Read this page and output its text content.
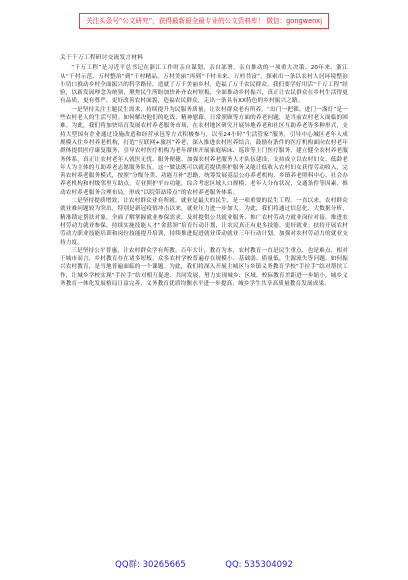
关注头条号“公文研究”，获得最新最全最专业的公文资料库！ 微信：gongwenxj
关于千万工程研讨交流发言材料

“千万工程”是习近平总书记在浙江工作时亲自谋划、亲自部署、亲自推动的一项重大决策。20年来，浙江从“千村示范、万村整治”到“千村精品、万村美丽”再到“千村未来、万村共富”，探索出一条以农村人居环境整治小切口推动乡村全面振兴的科学路径，造就了万千美丽乡村，造福了万千农民群众。我们要学好用活“千万工程”经验，以新发展理念为统领，聚焦民生所盼加快补齐农村短板，全面推动乡村振兴，真正让农民群众在乡村生活得更有品质、更有尊严，更好改善农村面貌，造福农民群众，走出一条具有XX特色的乡村振兴之路。

一是坚持关注主题民生需求，持续提升为民服务质量，让农村群众老有所养。“出门一把锁、进门一盏灯”是一些农村老人的生活写照。如何解决他们的吃饭、精神慰藉、日常照顾等方面的养老问题，是当前农村老人面临的困难。为此，我们将加快培育发展农村养老服务市场，在农村地区研究开展异地养老和社区互助养老等多种形式，支持大型国有企业通过设施改造和经营承包等方式积极参与，以至24小时“生活管家”服务，引导中心城区老年人成规模入住乡村养老机构，打造“互联网+旅居”养老，深入推进农村医养结合，鼓励有条件的医疗机构面向农村老年群体提供医疗康复服务，引导农村医疗机构为老年群体开展家庭病床、巡诊等上门医疗服务，建立健全农村养老服务体系，真正让农村老年人就医无忧、服务便捷。加强农村养老服务人才队伍建设，支持成立以农村妇女、低龄老年人为主体的互助养老志愿服务队伍，这一做法既可以就近提供照护服务又能让低收入农村妇女获得劳动收入，完善农村养老服务模式，按照“分级分类、功能互补”思路，统筹发展基层公办养老机构、乡镇养老照料中心、社会办养老机构和村级邻里互助点，专业照护平台功能，综合考虑区域人口规模、老年人分布状况、交通条件等因素，推动农村养老服务合理布局，形成“以院带站带点”的农村养老服务体系。

二是坚持提质增效，让农村群众业有所就。就业是最大的民生，是一项重要的民生工程。一直以来，农村群众就业难问题较为突出，特别是新冠疫情冲击以来，就业压力进一步加大。为此，我们将通过信息化、大数据分析，精准锁定帮扶对象，全面了解掌握就业参保需求，及时提供公共就业服务，推广农村劳动力就业岗位对接、推进农村劳动力就业参保，持续实施技能人才“金蓝领”培育行动计划，让农民真正有更多技能、更好就业；扶持开展农村劳动力职业技能培训和岗位技能提升培训，持续推进促进就业带动就业三年行动计划，加强对农村劳动力的就业支持力度。

三是坚持公平普惠，让农村群众学有所教。百年大计，教育为本，农村教育一直是民生重点，也是难点，相对于城市而言，乡村教育存在诸多短板，众多农村学校普遍存在规模小、基础弱、质量低、生源流失等问题。如何振兴农村教育，是当地普遍面临的一个课题。为此，我们将深入开展主城区与乡镇义务教育学校“手拉手”结对帮扶工作，让城乡学校实现“手拉手”结对相互促进、共同发展，努力实现城乡、区域、校际教育差距进一步缩小，城乡义务教育一体化发展格局日益完善，义务教育优质均衡水平进一步提高，城乡学生共享高质量教育发展成果。

QQ群: 30265665	QQ: 535304092
